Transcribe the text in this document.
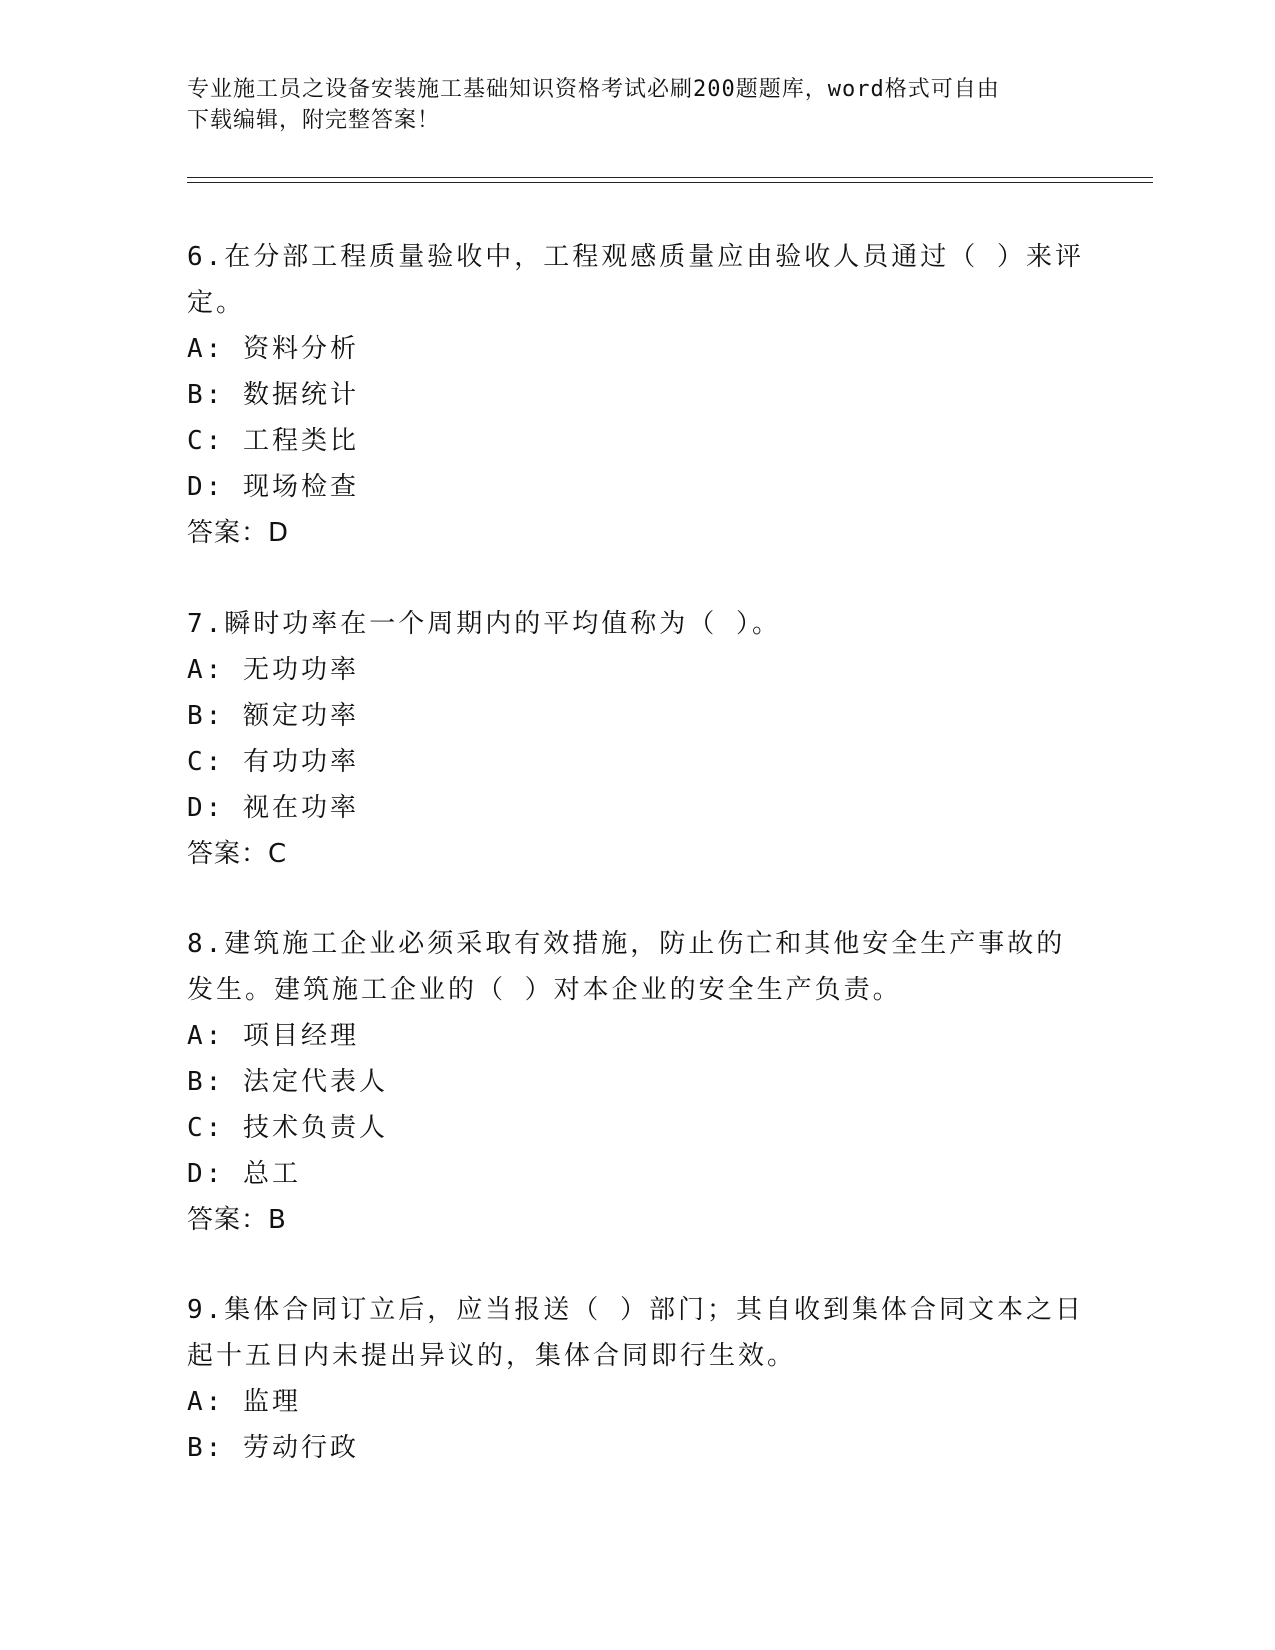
专业施工员之设备安装施工基础知识资格考试必刷200题题库，word格式可自由
下载编辑，附完整答案！

6.在分部工程质量验收中，工程观感质量应由验收人员通过（ ）来评

定。

A: 资料分析

B: 数据统计

C: 工程类比

D: 现场检查

答案：D

7.瞬时功率在一个周期内的平均值称为（ ）。

A: 无功功率

B: 额定功率

C: 有功功率

D: 视在功率

答案：C

8.建筑施工企业必须采取有效措施，防止伤亡和其他安全生产事故的

发生。建筑施工企业的（ ）对本企业的安全生产负责。

A: 项目经理

B: 法定代表人

C: 技术负责人

D: 总工

答案：B

9.集体合同订立后，应当报送（ ）部门；其自收到集体合同文本之日

起十五日内未提出异议的，集体合同即行生效。

A: 监理

B: 劳动行政
